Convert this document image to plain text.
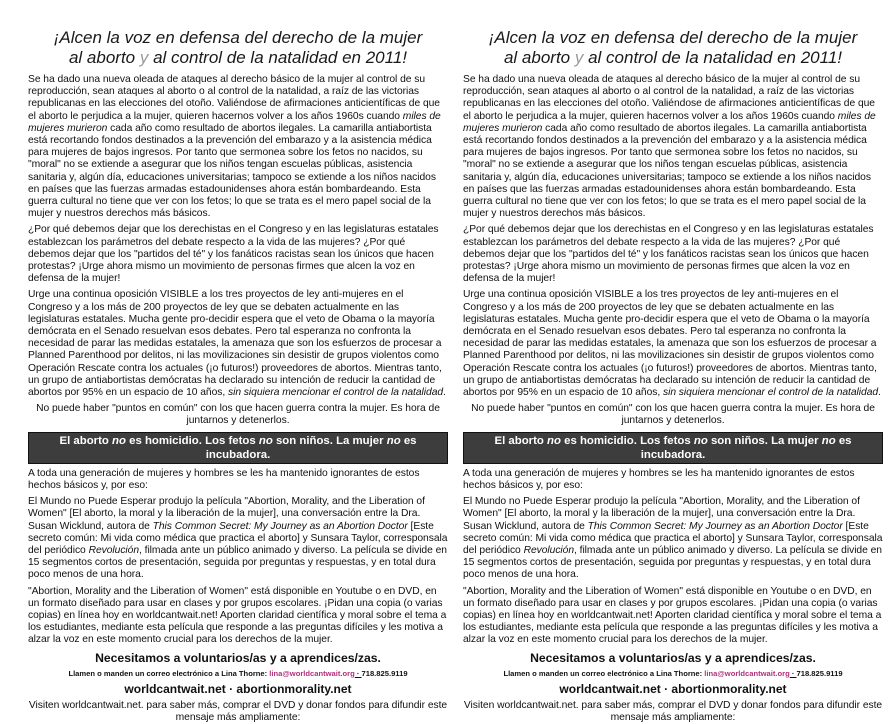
¡Alcen la voz en defensa del derecho de la mujer
al aborto y al control de la natalidad en 2011!

Se ha dado una nueva oleada de ataques al derecho básico de la mujer al control de su reproducción, sean ataques al aborto o al control de la natalidad, a raíz de las victorias republicanas en las elecciones del otoño. Valiéndose de afirmaciones anticientíficas de que el aborto le perjudica a la mujer, quieren hacernos volver a los años 1960s cuando miles de mujeres murieron cada año como resultado de abortos ilegales. La camarilla antiabortista está recortando fondos destinados a la prevención del embarazo y a la asistencia médica para mujeres de bajos ingresos. Por tanto que sermonea sobre los fetos no nacidos, su "moral" no se extiende a asegurar que los niños tengan escuelas públicas, asistencia sanitaria y, algún día, educaciones universitarias; tampoco se extiende a los niños nacidos en países que las fuerzas armadas estadounidenses ahora están bombardeando. Esta guerra cultural no tiene que ver con los fetos; lo que se trata es el mero papel social de la mujer y nuestros derechos más básicos.

¿Por qué debemos dejar que los derechistas en el Congreso y en las legislaturas estatales establezcan los parámetros del debate respecto a la vida de las mujeres? ¿Por qué debemos dejar que los "partidos del té" y los fanáticos racistas sean los únicos que hacen protestas? ¡Urge ahora mismo un movimiento de personas firmes que alcen la voz en defensa de la mujer!

Urge una continua oposición VISIBLE a los tres proyectos de ley anti-mujeres en el Congreso y a los más de 200 proyectos de ley que se debaten actualmente en las legislaturas estatales. Mucha gente pro-decidir espera que el veto de Obama o la mayoría demócrata en el Senado resuelvan esos debates. Pero tal esperanza no confronta la necesidad de parar las medidas estatales, la amenaza que son los esfuerzos de procesar a Planned Parenthood por delitos, ni las movilizaciones sin desistir de grupos violentos como Operación Rescate contra los actuales (¡o futuros!) proveedores de abortos. Mientras tanto, un grupo de antiabortistas demócratas ha declarado su intención de reducir la cantidad de abortos por 95% en un espacio de 10 años, sin siquiera mencionar el control de la natalidad.

No puede haber "puntos en común" con los que hacen guerra contra la mujer. Es hora de juntarnos y detenerlos.

El aborto no es homicidio. Los fetos no son niños. La mujer no es incubadora.

A toda una generación de mujeres y hombres se les ha mantenido ignorantes de estos hechos básicos y, por eso:

El Mundo no Puede Esperar produjo la película "Abortion, Morality, and the Liberation of Women" [El aborto, la moral y la liberación de la mujer], una conversación entre la Dra. Susan Wicklund, autora de This Common Secret: My Journey as an Abortion Doctor [Este secreto común: Mi vida como médica que practica el aborto] y Sunsara Taylor, corresponsala del periódico Revolución, filmada ante un público animado y diverso. La película se divide en 15 segmentos cortos de presentación, seguida por preguntas y respuestas, y en total dura poco menos de una hora.

"Abortion, Morality and the Liberation of Women" está disponible en Youtube o en DVD, en un formato diseñado para usar en clases y por grupos escolares. ¡Pidan una copia (o varias copias) en línea hoy en worldcantwait.net! Aporten claridad científica y moral sobre el tema a los estudiantes, mediante esta película que responde a las preguntas difíciles y les motiva a alzar la voz en este momento crucial para los derechos de la mujer.

Necesitamos a voluntarios/as y a aprendices/zas.
Llamen o manden un correo electrónico a Lina Thorne: lina@worldcantwait.org · 718.825.9119
worldcantwait.net · abortionmorality.net

Visiten worldcantwait.net. para saber más, comprar el DVD y donar fondos para difundir este mensaje más ampliamente:

¡Alcen la voz en defensa del derecho de la mujer
al aborto y al control de la natalidad en 2011!

Se ha dado una nueva oleada de ataques al derecho básico de la mujer al control de su reproducción, sean ataques al aborto o al control de la natalidad, a raíz de las victorias republicanas en las elecciones del otoño. Valiéndose de afirmaciones anticientíficas de que el aborto le perjudica a la mujer, quieren hacernos volver a los años 1960s cuando miles de mujeres murieron cada año como resultado de abortos ilegales. La camarilla antiabortista está recortando fondos destinados a la prevención del embarazo y a la asistencia médica para mujeres de bajos ingresos. Por tanto que sermonea sobre los fetos no nacidos, su "moral" no se extiende a asegurar que los niños tengan escuelas públicas, asistencia sanitaria y, algún día, educaciones universitarias; tampoco se extiende a los niños nacidos en países que las fuerzas armadas estadounidenses ahora están bombardeando. Esta guerra cultural no tiene que ver con los fetos; lo que se trata es el mero papel social de la mujer y nuestros derechos más básicos.

¿Por qué debemos dejar que los derechistas en el Congreso y en las legislaturas estatales establezcan los parámetros del debate respecto a la vida de las mujeres? ¿Por qué debemos dejar que los "partidos del té" y los fanáticos racistas sean los únicos que hacen protestas? ¡Urge ahora mismo un movimiento de personas firmes que alcen la voz en defensa de la mujer!

Urge una continua oposición VISIBLE a los tres proyectos de ley anti-mujeres en el Congreso y a los más de 200 proyectos de ley que se debaten actualmente en las legislaturas estatales. Mucha gente pro-decidir espera que el veto de Obama o la mayoría demócrata en el Senado resuelvan esos debates. Pero tal esperanza no confronta la necesidad de parar las medidas estatales, la amenaza que son los esfuerzos de procesar a Planned Parenthood por delitos, ni las movilizaciones sin desistir de grupos violentos como Operación Rescate contra los actuales (¡o futuros!) proveedores de abortos. Mientras tanto, un grupo de antiabortistas demócratas ha declarado su intención de reducir la cantidad de abortos por 95% en un espacio de 10 años, sin siquiera mencionar el control de la natalidad.

No puede haber "puntos en común" con los que hacen guerra contra la mujer. Es hora de juntarnos y detenerlos.

El aborto no es homicidio. Los fetos no son niños. La mujer no es incubadora.

A toda una generación de mujeres y hombres se les ha mantenido ignorantes de estos hechos básicos y, por eso:

El Mundo no Puede Esperar produjo la película "Abortion, Morality, and the Liberation of Women" [El aborto, la moral y la liberación de la mujer], una conversación entre la Dra. Susan Wicklund, autora de This Common Secret: My Journey as an Abortion Doctor [Este secreto común: Mi vida como médica que practica el aborto] y Sunsara Taylor, corresponsala del periódico Revolución, filmada ante un público animado y diverso. La película se divide en 15 segmentos cortos de presentación, seguida por preguntas y respuestas, y en total dura poco menos de una hora.

"Abortion, Morality and the Liberation of Women" está disponible en Youtube o en DVD, en un formato diseñado para usar en clases y por grupos escolares. ¡Pidan una copia (o varias copias) en línea hoy en worldcantwait.net! Aporten claridad científica y moral sobre el tema a los estudiantes, mediante esta película que responde a las preguntas difíciles y les motiva a alzar la voz en este momento crucial para los derechos de la mujer.

Necesitamos a voluntarios/as y a aprendices/zas.
Llamen o manden un correo electrónico a Lina Thorne: lina@worldcantwait.org · 718.825.9119
worldcantwait.net · abortionmorality.net

Visiten worldcantwait.net. para saber más, comprar el DVD y donar fondos para difundir este mensaje más ampliamente:
